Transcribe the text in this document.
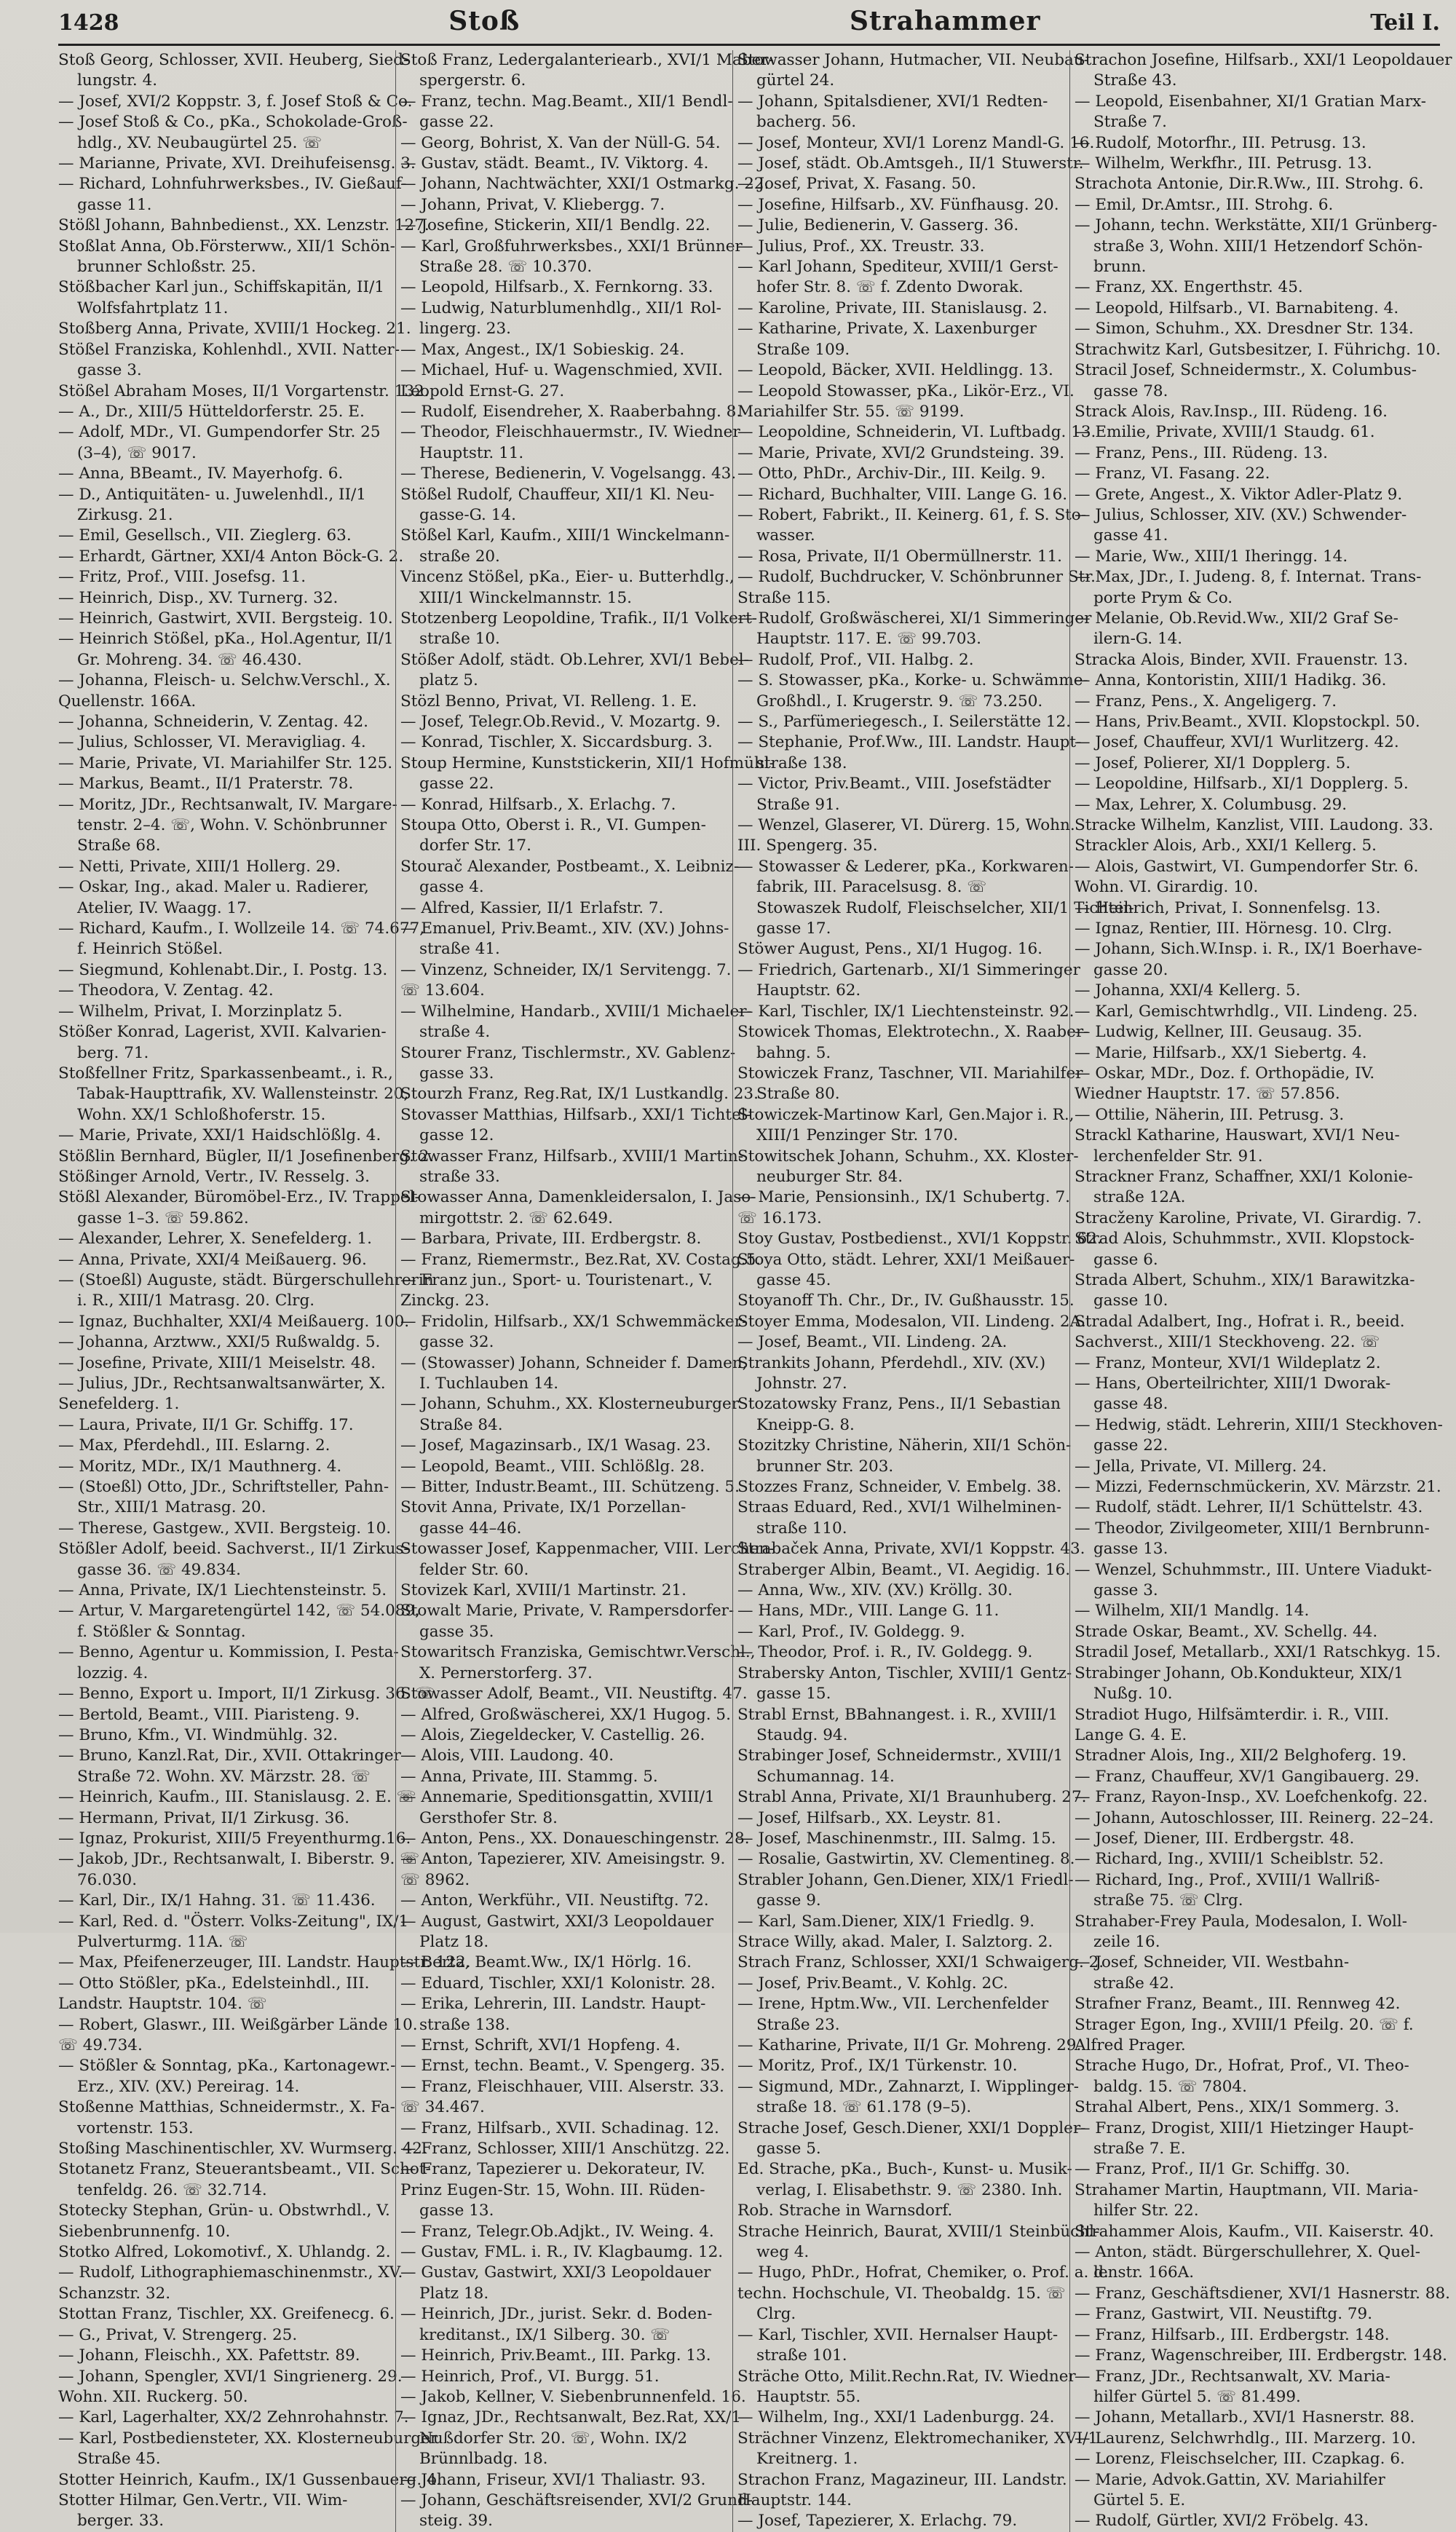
1428	Stoß	Strahammer	Teil I.

Stoß Georg, Schlosser, XVII. Heuberg, Sied-

lungstr. 4.

— Josef, XVI/2 Koppstr. 3, f. Josef Stoß & Co.

— Josef Stoß & Co., pKa., Schokolade-Groß-

hdlg., XV. Neubaugürtel 25. ☏

— Marianne, Private, XVI. Dreihufeisensg. 3.

— Richard, Lohnfuhrwerksbes., IV. Gießauf-

gasse 11.

Stößl Johann, Bahnbedienst., XX. Lenzstr. 127.

Stoßlat Anna, Ob.Försterww., XII/1 Schön-

brunner Schloßstr. 25.

Stößbacher Karl jun., Schiffskapitän, II/1

Wolfsfahrtplatz 11.

Stoßberg Anna, Private, XVIII/1 Hockeg. 21.

Stößel Franziska, Kohlenhdl., XVII. Natter-

gasse 3.

Stößel Abraham Moses, II/1 Vorgartenstr. 132.

— A., Dr., XIII/5 Hütteldorferstr. 25. E.

— Adolf, MDr., VI. Gumpendorfer Str. 25

(3–4), ☏ 9017.

— Anna, BBeamt., IV. Mayerhofg. 6.

— D., Antiquitäten- u. Juwelenhdl., II/1

Zirkusg. 21.

— Emil, Gesellsch., VII. Zieglerg. 63.

— Erhardt, Gärtner, XXI/4 Anton Böck-G. 2.

— Fritz, Prof., VIII. Josefsg. 11.

— Heinrich, Disp., XV. Turnerg. 32.

— Heinrich, Gastwirt, XVII. Bergsteig. 10.

— Heinrich Stößel, pKa., Hol.Agentur, II/1

Gr. Mohreng. 34. ☏ 46.430.

— Johanna, Fleisch- u. Selchw.Verschl., X.

Quellenstr. 166A.

— Johanna, Schneiderin, V. Zentag. 42.

— Julius, Schlosser, VI. Meravigliag. 4.

— Marie, Private, VI. Mariahilfer Str. 125.

— Markus, Beamt., II/1 Praterstr. 78.

— Moritz, JDr., Rechtsanwalt, IV. Margare-

tenstr. 2–4. ☏, Wohn. V. Schönbrunner

Straße 68.

— Netti, Private, XIII/1 Hollerg. 29.

— Oskar, Ing., akad. Maler u. Radierer,

Atelier, IV. Waagg. 17.

— Richard, Kaufm., I. Wollzeile 14. ☏ 74.677,

f. Heinrich Stößel.

— Siegmund, Kohlenabt.Dir., I. Postg. 13.

— Theodora, V. Zentag. 42.

— Wilhelm, Privat, I. Morzinplatz 5.

Stößer Konrad, Lagerist, XVII. Kalvarien-

berg. 71.

Stoßfellner Fritz, Sparkassenbeamt., i. R.,

Tabak-Haupttrafik, XV. Wallensteinstr. 20,

Wohn. XX/1 Schloßhoferstr. 15.

— Marie, Private, XXI/1 Haidschlößlg. 4.

Stößlin Bernhard, Bügler, II/1 Josefinenberg. 2.

Stößinger Arnold, Vertr., IV. Resselg. 3.

Stößl Alexander, Büromöbel-Erz., IV. Trappel-

gasse 1–3. ☏ 59.862.

— Alexander, Lehrer, X. Senefelderg. 1.

— Anna, Private, XXI/4 Meißauerg. 96.

— (Stoeßl) Auguste, städt. Bürgerschullehrerin

i. R., XIII/1 Matrasg. 20. Clrg.

— Ignaz, Buchhalter, XXI/4 Meißauerg. 100.

— Johanna, Arztww., XXI/5 Rußwaldg. 5.

— Josefine, Private, XIII/1 Meiselstr. 48.

— Julius, JDr., Rechtsanwaltsanwärter, X.

Senefelderg. 1.

— Laura, Private, II/1 Gr. Schiffg. 17.

— Max, Pferdehdl., III. Eslarng. 2.

— Moritz, MDr., IX/1 Mauthnerg. 4.

— (Stoeßl) Otto, JDr., Schriftsteller, Pahn-

Str., XIII/1 Matrasg. 20.

— Therese, Gastgew., XVII. Bergsteig. 10.

Stößler Adolf, beeid. Sachverst., II/1 Zirkus-

gasse 36. ☏ 49.834.

— Anna, Private, IX/1 Liechtensteinstr. 5.

— Artur, V. Margaretengürtel 142, ☏ 54.089,

f. Stößler & Sonntag.

— Benno, Agentur u. Kommission, I. Pesta-

lozzig. 4.

— Benno, Export u. Import, II/1 Zirkusg. 36. ☏

— Bertold, Beamt., VIII. Piaristeng. 9.

— Bruno, Kfm., VI. Windmühlg. 32.

— Bruno, Kanzl.Rat, Dir., XVII. Ottakringer

Straße 72. Wohn. XV. Märzstr. 28. ☏

— Heinrich, Kaufm., III. Stanislausg. 2. E. ☏

— Hermann, Privat, II/1 Zirkusg. 36.

— Ignaz, Prokurist, XIII/5 Freyenthurmg.16.

— Jakob, JDr., Rechtsanwalt, I. Biberstr. 9. ☏

76.030.

— Karl, Dir., IX/1 Hahng. 31. ☏ 11.436.

— Karl, Red. d. "Österr. Volks-Zeitung", IX/1

Pulverturmg. 11A. ☏

— Max, Pfeifenerzeuger, III. Landstr. Hauptstr. 122.

— Otto Stößler, pKa., Edelsteinhdl., III.

Landstr. Hauptstr. 104. ☏

— Robert, Glaswr., III. Weißgärber Lände 10.

☏ 49.734.

— Stößler & Sonntag, pKa., Kartonagewr.-

Erz., XIV. (XV.) Pereirag. 14.

Stoßenne Matthias, Schneidermstr., X. Fa-

vortenstr. 153.

Stoßing Maschinentischler, XV. Wurmserg. 42.

Stotanetz Franz, Steuerantsbeamt., VII. Schot-

tenfeldg. 26. ☏ 32.714.

Stotecky Stephan, Grün- u. Obstwrhdl., V.

Siebenbrunnenfg. 10.

Stotko Alfred, Lokomotivf., X. Uhlandg. 2.

— Rudolf, Lithographiemaschinenmstr., XV.

Schanzstr. 32.

Stottan Franz, Tischler, XX. Greifenecg. 6.

— G., Privat, V. Strengerg. 25.

— Johann, Fleischh., XX. Pafettstr. 89.

— Johann, Spengler, XVI/1 Singrienerg. 29.

Wohn. XII. Ruckerg. 50.

— Karl, Lagerhalter, XX/2 Zehnrohahnstr. 7.

— Karl, Postbediensteter, XX. Klosterneuburger

Straße 45.

Stotter Heinrich, Kaufm., IX/1 Gussenbauerg. 4.

Stotter Hilmar, Gen.Vertr., VII. Wim-

berger. 33.

Stoß Franz, Ledergalanteriearb., XVI/1 Maber-

spergerstr. 6.

— Franz, techn. Mag.Beamt., XII/1 Bendl-

gasse 22.

— Georg, Bohrist, X. Van der Nüll-G. 54.

— Gustav, städt. Beamt., IV. Viktorg. 4.

— Johann, Nachtwächter, XXI/1 Ostmarkg. 22.

— Johann, Privat, V. Kliebergg. 7.

— Josefine, Stickerin, XII/1 Bendlg. 22.

— Karl, Großfuhrwerksbes., XXI/1 Brünner

Straße 28. ☏ 10.370.

— Leopold, Hilfsarb., X. Fernkorng. 33.

— Ludwig, Naturblumenhdlg., XII/1 Rol-

lingerg. 23.

— Max, Angest., IX/1 Sobieskig. 24.

— Michael, Huf- u. Wagenschmied, XVII.

Leopold Ernst-G. 27.

— Rudolf, Eisendreher, X. Raaberbahng. 8.

— Theodor, Fleischhauermstr., IV. Wiedner

Hauptstr. 11.

— Therese, Bedienerin, V. Vogelsangg. 43.

Stößel Rudolf, Chauffeur, XII/1 Kl. Neu-

gasse-G. 14.

Stößel Karl, Kaufm., XIII/1 Winckelmann-

straße 20.

Vincenz Stößel, pKa., Eier- u. Butterhdlg.,

XIII/1 Winckelmannstr. 15.

Stotzenberg Leopoldine, Trafik., II/1 Volkert-

straße 10.

Stößer Adolf, städt. Ob.Lehrer, XVI/1 Bebel-

platz 5.

Stözl Benno, Privat, VI. Relleng. 1. E.

— Josef, Telegr.Ob.Revid., V. Mozartg. 9.

— Konrad, Tischler, X. Siccardsburg. 3.

Stoup Hermine, Kunststickerin, XII/1 Hofmühl-

gasse 22.

— Konrad, Hilfsarb., X. Erlachg. 7.

Stoupa Otto, Oberst i. R., VI. Gumpen-

dorfer Str. 17.

Stourač Alexander, Postbeamt., X. Leibniz-

gasse 4.

— Alfred, Kassier, II/1 Erlafstr. 7.

— Emanuel, Priv.Beamt., XIV. (XV.) Johns-

straße 41.

— Vinzenz, Schneider, IX/1 Servitengg. 7.

☏ 13.604.

— Wilhelmine, Handarb., XVIII/1 Michaeler-

straße 4.

Stourer Franz, Tischlermstr., XV. Gablenz-

gasse 33.

Stourzh Franz, Reg.Rat, IX/1 Lustkandlg. 23.

Stovasser Matthias, Hilfsarb., XXI/1 Tichtel-

gasse 12.

Stowasser Franz, Hilfsarb., XVIII/1 Martin-

straße 33.

Stowasser Anna, Damenkleidersalon, I. Jaso-

mirgottstr. 2. ☏ 62.649.

— Barbara, Private, III. Erdbergstr. 8.

— Franz, Riemermstr., Bez.Rat, XV. Costag.5.

— Franz jun., Sport- u. Touristenart., V.

Zinckg. 23.

— Fridolin, Hilfsarb., XX/1 Schwemmäcker-

gasse 32.

— (Stowasser) Johann, Schneider f. Damen,

I. Tuchlauben 14.

— Johann, Schuhm., XX. Klosterneuburger

Straße 84.

— Josef, Magazinsarb., IX/1 Wasag. 23.

— Leopold, Beamt., VIII. Schlößlg. 28.

— Bitter, Industr.Beamt., III. Schützeng. 5.

Stovit Anna, Private, IX/1 Porzellan-

gasse 44–46.

Stowasser Josef, Kappenmacher, VIII. Lerchen-

felder Str. 60.

Stovizek Karl, XVIII/1 Martinstr. 21.

Stowalt Marie, Private, V. Rampersdorfer-

gasse 35.

Stowaritsch Franziska, Gemischtwr.Verschl.,

X. Pernerstorferg. 37.

Stowasser Adolf, Beamt., VII. Neustiftg. 47.

— Alfred, Großwäscherei, XX/1 Hugog. 5.

— Alois, Ziegeldecker, V. Castellig. 26.

— Alois, VIII. Laudong. 40.

— Anna, Private, III. Stammg. 5.

— Annemarie, Speditionsgattin, XVIII/1

Gersthofer Str. 8.

— Anton, Pens., XX. Donaueschingenstr. 28.

— Anton, Tapezierer, XIV. Ameisingstr. 9.

☏ 8962.

— Anton, Werkführ., VII. Neustiftg. 72.

— August, Gastwirt, XXI/3 Leopoldauer

Platz 18.

— Berta, Beamt.Ww., IX/1 Hörlg. 16.

— Eduard, Tischler, XXI/1 Kolonistr. 28.

— Erika, Lehrerin, III. Landstr. Haupt-

straße 138.

— Ernst, Schrift, XVI/1 Hopfeng. 4.

— Ernst, techn. Beamt., V. Spengerg. 35.

— Franz, Fleischhauer, VIII. Alserstr. 33.

☏ 34.467.

— Franz, Hilfsarb., XVII. Schadinag. 12.

— Franz, Schlosser, XIII/1 Anschützg. 22.

— Franz, Tapezierer u. Dekorateur, IV.

Prinz Eugen-Str. 15, Wohn. III. Rüden-

gasse 13.

— Franz, Telegr.Ob.Adjkt., IV. Weing. 4.

— Gustav, FML. i. R., IV. Klagbaumg. 12.

— Gustav, Gastwirt, XXI/3 Leopoldauer

Platz 18.

— Heinrich, JDr., jurist. Sekr. d. Boden-

kreditanst., IX/1 Silberg. 30. ☏

— Heinrich, Priv.Beamt., III. Parkg. 13.

— Heinrich, Prof., VI. Burgg. 51.

— Jakob, Kellner, V. Siebenbrunnenfeld. 16.

— Ignaz, JDr., Rechtsanwalt, Bez.Rat, XX/1

Nußdorfer Str. 20. ☏, Wohn. IX/2

Brünnlbadg. 18.

— Johann, Friseur, XVI/1 Thaliastr. 93.

— Johann, Geschäftsreisender, XVI/2 Grund-

steig. 39.

Stowasser Johann, Hutmacher, VII. Neubau-

gürtel 24.

— Johann, Spitalsdiener, XVI/1 Redten-

bacherg. 56.

— Josef, Monteur, XVI/1 Lorenz Mandl-G. 16.

— Josef, städt. Ob.Amtsgeh., II/1 Stuwerstr.

— Josef, Privat, X. Fasang. 50.

— Josefine, Hilfsarb., XV. Fünfhausg. 20.

— Julie, Bedienerin, V. Gasserg. 36.

— Julius, Prof., XX. Treustr. 33.

— Karl Johann, Spediteur, XVIII/1 Gerst-

hofer Str. 8. ☏ f. Zdento Dworak.

— Karoline, Private, III. Stanislausg. 2.

— Katharine, Private, X. Laxenburger

Straße 109.

— Leopold, Bäcker, XVII. Heldlingg. 13.

— Leopold Stowasser, pKa., Likör-Erz., VI.

Mariahilfer Str. 55. ☏ 9199.

— Leopoldine, Schneiderin, VI. Luftbadg. 13.

— Marie, Private, XVI/2 Grundsteing. 39.

— Otto, PhDr., Archiv-Dir., III. Keilg. 9.

— Richard, Buchhalter, VIII. Lange G. 16.

— Robert, Fabrikt., II. Keinerg. 61, f. S. Sto-

wasser.

— Rosa, Private, II/1 Obermüllnerstr. 11.

— Rudolf, Buchdrucker, V. Schönbrunner Str.

Straße 115.

— Rudolf, Großwäscherei, XI/1 Simmeringer

Hauptstr. 117. E. ☏ 99.703.

— Rudolf, Prof., VII. Halbg. 2.

— S. Stowasser, pKa., Korke- u. Schwämme-

Großhdl., I. Krugerstr. 9. ☏ 73.250.

— S., Parfümeriegesch., I. Seilerstätte 12.

— Stephanie, Prof.Ww., III. Landstr. Haupt-

straße 138.

— Victor, Priv.Beamt., VIII. Josefstädter

Straße 91.

— Wenzel, Glaserer, VI. Dürerg. 15, Wohn.

III. Spengerg. 35.

— Stowasser & Lederer, pKa., Korkwaren-

fabrik, III. Paracelsusg. 8. ☏

Stowaszek Rudolf, Fleischselcher, XII/1 Tichtel-

gasse 17.

Stöwer August, Pens., XI/1 Hugog. 16.

— Friedrich, Gartenarb., XI/1 Simmeringer

Hauptstr. 62.

— Karl, Tischler, IX/1 Liechtensteinstr. 92.

Stowicek Thomas, Elektrotechn., X. Raaber-

bahng. 5.

Stowiczek Franz, Taschner, VII. Mariahilfer

Straße 80.

Stowiczek-Martinow Karl, Gen.Major i. R.,

XIII/1 Penzinger Str. 170.

Stowitschek Johann, Schuhm., XX. Kloster-

neuburger Str. 84.

— Marie, Pensionsinh., IX/1 Schubertg. 7.

☏ 16.173.

Stoy Gustav, Postbedienst., XVI/1 Koppstr. 62.

Stoya Otto, städt. Lehrer, XXI/1 Meißauer-

gasse 45.

Stoyanoff Th. Chr., Dr., IV. Gußhausstr. 15.

Stoyer Emma, Modesalon, VII. Lindeng. 2A.

— Josef, Beamt., VII. Lindeng. 2A.

Strankits Johann, Pferdehdl., XIV. (XV.)

Johnstr. 27.

Stozatowsky Franz, Pens., II/1 Sebastian

Kneipp-G. 8.

Stozitzky Christine, Näherin, XII/1 Schön-

brunner Str. 203.

Stozzes Franz, Schneider, V. Embelg. 38.

Straas Eduard, Red., XVI/1 Wilhelminen-

straße 110.

Strabaček Anna, Private, XVI/1 Koppstr. 43.

Straberger Albin, Beamt., VI. Aegidig. 16.

— Anna, Ww., XIV. (XV.) Kröllg. 30.

— Hans, MDr., VIII. Lange G. 11.

— Karl, Prof., IV. Goldegg. 9.

— Theodor, Prof. i. R., IV. Goldegg. 9.

Strabersky Anton, Tischler, XVIII/1 Gentz-

gasse 15.

Strabl Ernst, BBahnangest. i. R., XVIII/1

Staudg. 94.

Strabinger Josef, Schneidermstr., XVIII/1

Schumannag. 14.

Strabl Anna, Private, XI/1 Braunhuberg. 27.

— Josef, Hilfsarb., XX. Leystr. 81.

— Josef, Maschinenmstr., III. Salmg. 15.

— Rosalie, Gastwirtin, XV. Clementineg. 8.

Strabler Johann, Gen.Diener, XIX/1 Friedl-

gasse 9.

— Karl, Sam.Diener, XIX/1 Friedlg. 9.

Strace Willy, akad. Maler, I. Salztorg. 2.

Strach Franz, Schlosser, XXI/1 Schwaigerg. 2.

— Josef, Priv.Beamt., V. Kohlg. 2C.

— Irene, Hptm.Ww., VII. Lerchenfelder

Straße 23.

— Katharine, Private, II/1 Gr. Mohreng. 29.

— Moritz, Prof., IX/1 Türkenstr. 10.

— Sigmund, MDr., Zahnarzt, I. Wipplinger-

straße 18. ☏ 61.178 (9–5).

Strache Josef, Gesch.Diener, XXI/1 Doppler-

gasse 5.

Ed. Strache, pKa., Buch-, Kunst- u. Musik-

verlag, I. Elisabethstr. 9. ☏ 2380. Inh.

Rob. Strache in Warnsdorf.

Strache Heinrich, Baurat, XVIII/1 Steinbüchl-

weg 4.

— Hugo, PhDr., Hofrat, Chemiker, o. Prof. a. d.

techn. Hochschule, VI. Theobaldg. 15. ☏

Clrg.

— Karl, Tischler, XVII. Hernalser Haupt-

straße 101.

Sträche Otto, Milit.Rechn.Rat, IV. Wiedner

Hauptstr. 55.

— Wilhelm, Ing., XXI/1 Ladenburgg. 24.

Strächner Vinzenz, Elektromechaniker, XVI/1

Kreitnerg. 1.

Strachon Franz, Magazineur, III. Landstr.

Hauptstr. 144.

— Josef, Tapezierer, X. Erlachg. 79.

Strachon Josefine, Hilfsarb., XXI/1 Leopoldauer

Straße 43.

— Leopold, Eisenbahner, XI/1 Gratian Marx-

Straße 7.

— Rudolf, Motorfhr., III. Petrusg. 13.

— Wilhelm, Werkfhr., III. Petrusg. 13.

Strachota Antonie, Dir.R.Ww., III. Strohg. 6.

— Emil, Dr.Amtsr., III. Strohg. 6.

— Johann, techn. Werkstätte, XII/1 Grünberg-

straße 3, Wohn. XIII/1 Hetzendorf Schön-

brunn.

— Franz, XX. Engerthstr. 45.

— Leopold, Hilfsarb., VI. Barnabiteng. 4.

— Simon, Schuhm., XX. Dresdner Str. 134.

Strachwitz Karl, Gutsbesitzer, I. Führichg. 10.

Stracil Josef, Schneidermstr., X. Columbus-

gasse 78.

Strack Alois, Rav.Insp., III. Rüdeng. 16.

— Emilie, Private, XVIII/1 Staudg. 61.

— Franz, Pens., III. Rüdeng. 13.

— Franz, VI. Fasang. 22.

— Grete, Angest., X. Viktor Adler-Platz 9.

— Julius, Schlosser, XIV. (XV.) Schwender-

gasse 41.

— Marie, Ww., XIII/1 Iheringg. 14.

— Max, JDr., I. Judeng. 8, f. Internat. Trans-

porte Prym & Co.

— Melanie, Ob.Revid.Ww., XII/2 Graf Se-

ilern-G. 14.

Stracka Alois, Binder, XVII. Frauenstr. 13.

— Anna, Kontoristin, XIII/1 Hadikg. 36.

— Franz, Pens., X. Angeligerg. 7.

— Hans, Priv.Beamt., XVII. Klopstockpl. 50.

— Josef, Chauffeur, XVI/1 Wurlitzerg. 42.

— Josef, Polierer, XI/1 Dopplerg. 5.

— Leopoldine, Hilfsarb., XI/1 Dopplerg. 5.

— Max, Lehrer, X. Columbusg. 29.

Stracke Wilhelm, Kanzlist, VIII. Laudong. 33.

Strackler Alois, Arb., XXI/1 Kellerg. 5.

— Alois, Gastwirt, VI. Gumpendorfer Str. 6.

Wohn. VI. Girardig. 10.

— Heinrich, Privat, I. Sonnenfelsg. 13.

— Ignaz, Rentier, III. Hörnesg. 10. Clrg.

— Johann, Sich.W.Insp. i. R., IX/1 Boerhave-

gasse 20.

— Johanna, XXI/4 Kellerg. 5.

— Karl, Gemischtwrhdlg., VII. Lindeng. 25.

— Ludwig, Kellner, III. Geusaug. 35.

— Marie, Hilfsarb., XX/1 Siebertg. 4.

— Oskar, MDr., Doz. f. Orthopädie, IV.

Wiedner Hauptstr. 17. ☏ 57.856.

— Ottilie, Näherin, III. Petrusg. 3.

Strackl Katharine, Hauswart, XVI/1 Neu-

lerchenfelder Str. 91.

Strackner Franz, Schaffner, XXI/1 Kolonie-

straße 12A.

Stracženy Karoline, Private, VI. Girardig. 7.

Strad Alois, Schuhmmstr., XVII. Klopstock-

gasse 6.

Strada Albert, Schuhm., XIX/1 Barawitzka-

gasse 10.

Stradal Adalbert, Ing., Hofrat i. R., beeid.

Sachverst., XIII/1 Steckhoveng. 22. ☏

— Franz, Monteur, XVI/1 Wildeplatz 2.

— Hans, Oberteilrichter, XIII/1 Dworak-

gasse 48.

— Hedwig, städt. Lehrerin, XIII/1 Steckhoven-

gasse 22.

— Jella, Private, VI. Millerg. 24.

— Mizzi, Federnschmückerin, XV. Märzstr. 21.

— Rudolf, städt. Lehrer, II/1 Schüttelstr. 43.

— Theodor, Zivilgeometer, XIII/1 Bernbrunn-

gasse 13.

— Wenzel, Schuhmmstr., III. Untere Viadukt-

gasse 3.

— Wilhelm, XII/1 Mandlg. 14.

Strade Oskar, Beamt., XV. Schellg. 44.

Stradil Josef, Metallarb., XXI/1 Ratschkyg. 15.

Strabinger Johann, Ob.Kondukteur, XIX/1

Nußg. 10.

Stradiot Hugo, Hilfsämterdir. i. R., VIII.

Lange G. 4. E.

Stradner Alois, Ing., XII/2 Belghoferg. 19.

— Franz, Chauffeur, XV/1 Gangibauerg. 29.

— Franz, Rayon-Insp., XV. Loefchenkofg. 22.

— Johann, Autoschlosser, III. Reinerg. 22–24.

— Josef, Diener, III. Erdbergstr. 48.

— Richard, Ing., XVIII/1 Scheiblstr. 52.

— Richard, Ing., Prof., XVIII/1 Wallriß-

straße 75. ☏ Clrg.

Strahaber-Frey Paula, Modesalon, I. Woll-

zeile 16.

— Josef, Schneider, VII. Westbahn-

straße 42.

Strafner Franz, Beamt., III. Rennweg 42.

Strager Egon, Ing., XVIII/1 Pfeilg. 20. ☏ f.

Alfred Prager.

Strache Hugo, Dr., Hofrat, Prof., VI. Theo-

baldg. 15. ☏ 7804.

Strahal Albert, Pens., XIX/1 Sommerg. 3.

— Franz, Drogist, XIII/1 Hietzinger Haupt-

straße 7. E.

— Franz, Prof., II/1 Gr. Schiffg. 30.

Strahamer Martin, Hauptmann, VII. Maria-

hilfer Str. 22.

Strahammer Alois, Kaufm., VII. Kaiserstr. 40.

— Anton, städt. Bürgerschullehrer, X. Quel-

lenstr. 166A.

— Franz, Geschäftsdiener, XVI/1 Hasnerstr. 88.

— Franz, Gastwirt, VII. Neustiftg. 79.

— Franz, Hilfsarb., III. Erdbergstr. 148.

— Franz, Wagenschreiber, III. Erdbergstr. 148.

— Franz, JDr., Rechtsanwalt, XV. Maria-

hilfer Gürtel 5. ☏ 81.499.

— Johann, Metallarb., XVI/1 Hasnerstr. 88.

— Laurenz, Selchwrhdlg., III. Marzerg. 10.

— Lorenz, Fleischselcher, III. Czapkag. 6.

— Marie, Advok.Gattin, XV. Mariahilfer

Gürtel 5. E.

— Rudolf, Gürtler, XVI/2 Fröbelg. 43.
